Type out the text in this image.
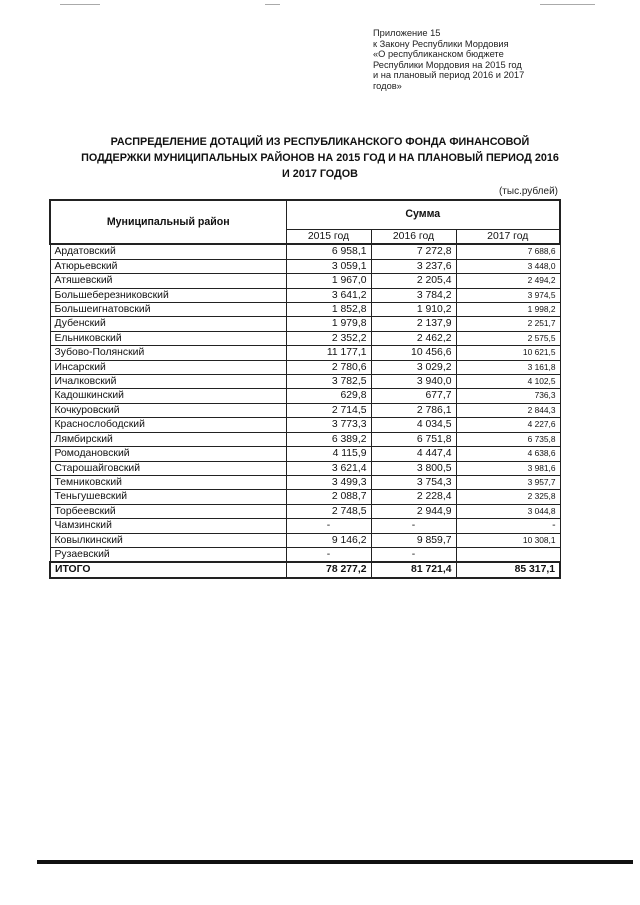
Приложение 15
к Закону Республики Мордовия
«О республиканском бюджете
Республики Мордовия на 2015 год
и на плановый период 2016 и 2017
годов»
РАСПРЕДЕЛЕНИЕ ДОТАЦИЙ ИЗ РЕСПУБЛИКАНСКОГО ФОНДА ФИНАНСОВОЙ
ПОДДЕРЖКИ МУНИЦИПАЛЬНЫХ РАЙОНОВ НА 2015 ГОД И НА ПЛАНОВЫЙ ПЕРИОД 2016
И 2017 ГОДОВ
(тыс.рублей)
Муниципальный район	Сумма		
	2015 год	2016 год	2017 год
Ардатовский	6 958,1	7 272,8	7 688,6
Атюрьевский	3 059,1	3 237,6	3 448,0
Атяшевский	1 967,0	2 205,4	2 494,2
Большеберезниковский	3 641,2	3 784,2	3 974,5
Большеигнатовский	1 852,8	1 910,2	1 998,2
Дубенский	1 979,8	2 137,9	2 251,7
Ельниковский	2 352,2	2 462,2	2 575,5
Зубово-Полянский	11 177,1	10 456,6	10 621,5
Инсарский	2 780,6	3 029,2	3 161,8
Ичалковский	3 782,5	3 940,0	4 102,5
Кадошкинский	629,8	677,7	736,3
Кочкуровский	2 714,5	2 786,1	2 844,3
Краснослободский	3 773,3	4 034,5	4 227,6
Лямбирский	6 389,2	6 751,8	6 735,8
Ромодановский	4 115,9	4 447,4	4 638,6
Старошайговский	3 621,4	3 800,5	3 981,6
Темниковский	3 499,3	3 754,3	3 957,7
Теньгушевский	2 088,7	2 228,4	2 325,8
Торбеевский	2 748,5	2 944,9	3 044,8
Чамзинский	-	-	-
Ковылкинский	9 146,2	9 859,7	10 308,1
Рузаевский	-	-	
ИТОГО	78 277,2	81 721,4	85 317,1
